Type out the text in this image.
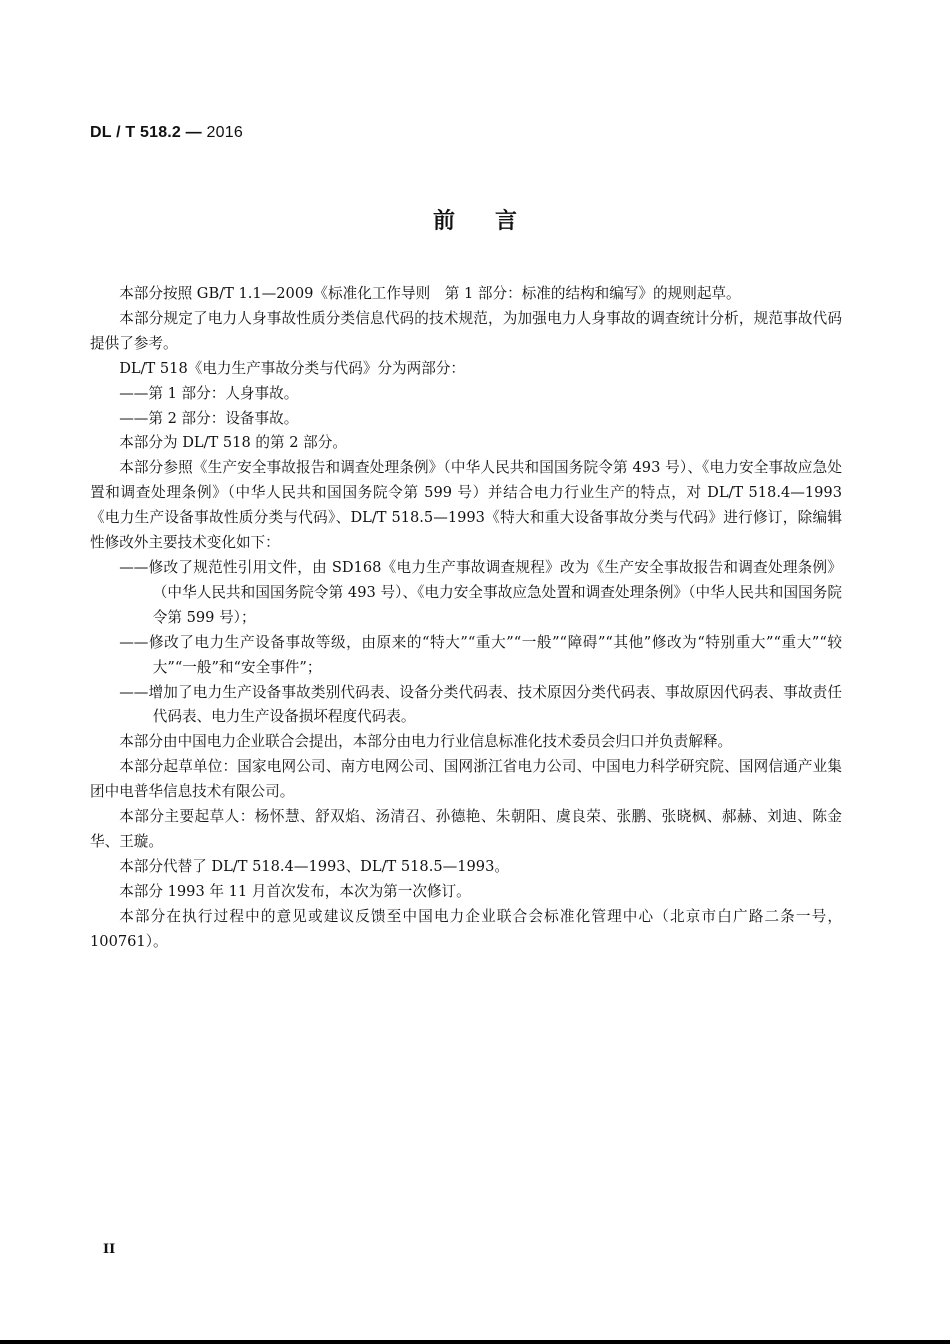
DL / T 518.2 — 2016
前言

本部分按照 GB/T 1.1—2009《标准化工作导则　第 1 部分：标准的结构和编写》的规则起草。

本部分规定了电力人身事故性质分类信息代码的技术规范，为加强电力人身事故的调查统计分析，规范事故代码提供了参考。

DL/T 518《电力生产事故分类与代码》分为两部分：

——第 1 部分：人身事故。

——第 2 部分：设备事故。

本部分为 DL/T 518 的第 2 部分。

本部分参照《生产安全事故报告和调查处理条例》（中华人民共和国国务院令第 493 号）、《电力安全事故应急处置和调查处理条例》（中华人民共和国国务院令第 599 号）并结合电力行业生产的特点，对 DL/T 518.4—1993《电力生产设备事故性质分类与代码》、DL/T 518.5—1993《特大和重大设备事故分类与代码》进行修订，除编辑性修改外主要技术变化如下：

——修改了规范性引用文件，由 SD168《电力生产事故调查规程》改为《生产安全事故报告和调查处理条例》（中华人民共和国国务院令第 493 号）、《电力安全事故应急处置和调查处理条例》（中华人民共和国国务院令第 599 号）；

——修改了电力生产设备事故等级，由原来的“特大”“重大”“一般”“障碍”“其他”修改为“特别重大”“重大”“较大”“一般”和“安全事件”；

——增加了电力生产设备事故类别代码表、设备分类代码表、技术原因分类代码表、事故原因代码表、事故责任代码表、电力生产设备损坏程度代码表。

本部分由中国电力企业联合会提出，本部分由电力行业信息标准化技术委员会归口并负责解释。

本部分起草单位：国家电网公司、南方电网公司、国网浙江省电力公司、中国电力科学研究院、国网信通产业集团中电普华信息技术有限公司。

本部分主要起草人：杨怀慧、舒双焰、汤清召、孙德艳、朱朝阳、虞良荣、张鹏、张晓枫、郝赫、刘迪、陈金华、王璇。

本部分代替了 DL/T 518.4—1993、DL/T 518.5—1993。

本部分 1993 年 11 月首次发布，本次为第一次修订。

本部分在执行过程中的意见或建议反馈至中国电力企业联合会标准化管理中心（北京市白广路二条一号，100761）。

II
